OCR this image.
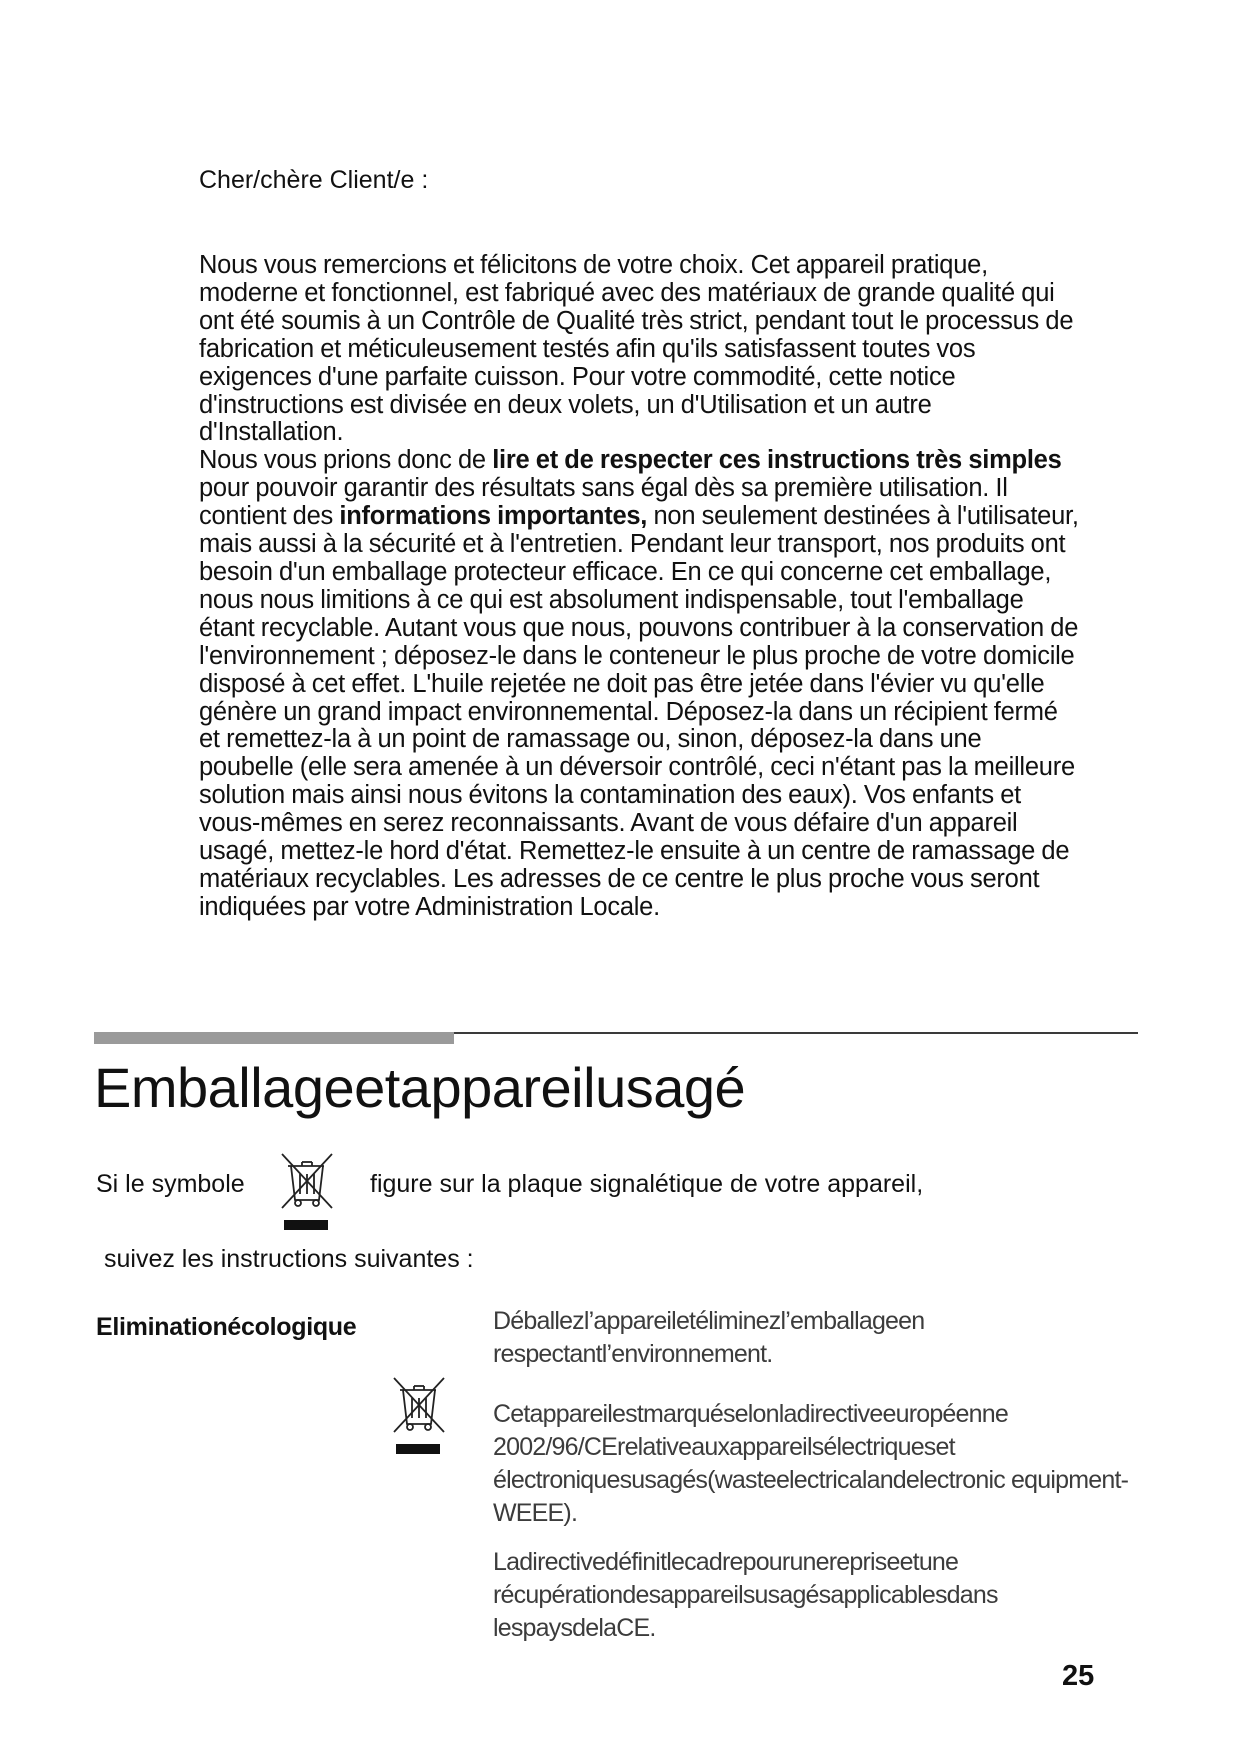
Cher/chère Client/e :

Nous vous remercions et félicitons de votre choix. Cet appareil pratique, moderne et fonctionnel, est fabriqué avec des matériaux de grande qualité qui ont été soumis à un Contrôle de Qualité très strict, pendant tout le processus de fabrication et méticuleusement testés afin qu'ils satisfassent toutes vos exigences d'une parfaite cuisson. Pour votre commodité, cette notice d'instructions est divisée en deux volets, un d'Utilisation et un autre d'Installation.

Nous vous prions donc de lire et de respecter ces instructions très simples pour pouvoir garantir des résultats sans égal dès sa première utilisation. Il contient des informations importantes, non seulement destinées à l'utilisateur, mais aussi à la sécurité et à l'entretien. Pendant leur transport, nos produits ont besoin d'un emballage protecteur efficace. En ce qui concerne cet emballage, nous nous limitions à ce qui est absolument indispensable, tout l'emballage étant recyclable. Autant vous que nous, pouvons contribuer à la conservation de l'environnement ; déposez-le dans le conteneur le plus proche de votre domicile disposé à cet effet. L'huile rejetée ne doit pas être jetée dans l'évier vu qu'elle génère un grand impact environnemental. Déposez-la dans un récipient fermé et remettez-la à un point de ramassage ou, sinon, déposez-la dans une poubelle (elle sera amenée à un déversoir contrôlé, ceci n'étant pas la meilleure solution mais ainsi nous évitons la contamination des eaux). Vos enfants et vous-mêmes en serez reconnaissants. Avant de vous défaire d'un appareil usagé, mettez-le hord d'état. Remettez-le ensuite à un centre de ramassage de matériaux recyclables. Les adresses de ce centre le plus proche vous seront indiquées par votre Administration Locale.

Emballageetappareilusagé

Si le symbole	figure sur la plaque signalétique de votre appareil,

suivez les instructions suivantes :

Eliminationécologique	Déballezl’appareiletéliminezl’emballageen respectantl’environnement.

Cetappareilestmarquéselonladirectiveeuropéenne 2002/96/CErelativeauxappareilsélectriqueset électroniquesusagés(wasteelectricalandelectronic equipment-WEEE).

Ladirectivedéfinitlecadrepourunerepriseetune récupérationdesappareilsusagésapplicablesdans lespaysdelaCE.

25
